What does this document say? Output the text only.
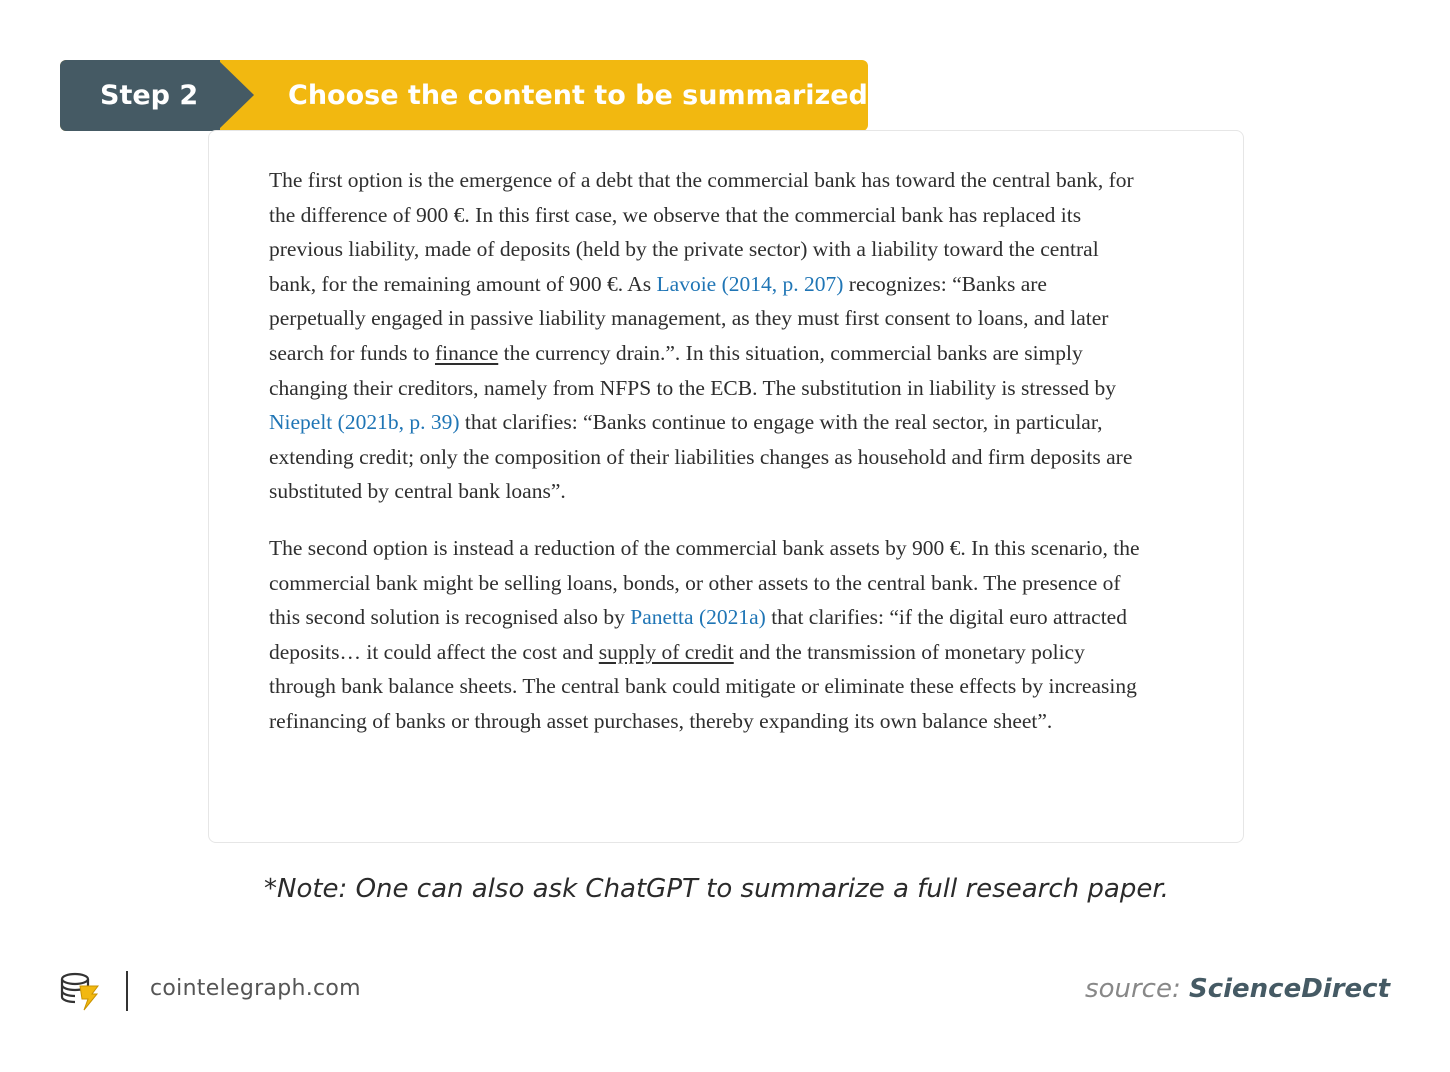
Step 2	Choose the content to be summarized

The first option is the emergence of a debt that the commercial bank has toward the central bank, for the difference of 900 €. In this first case, we observe that the commercial bank has replaced its previous liability, made of deposits (held by the private sector) with a liability toward the central bank, for the remaining amount of 900 €. As Lavoie (2014, p. 207) recognizes: “Banks are perpetually engaged in passive liability management, as they must first consent to loans, and later search for funds to finance the currency drain.”. In this situation, commercial banks are simply changing their creditors, namely from NFPS to the ECB. The substitution in liability is stressed by Niepelt (2021b, p. 39) that clarifies: “Banks continue to engage with the real sector, in particular, extending credit; only the composition of their liabilities changes as household and firm deposits are substituted by central bank loans”.

The second option is instead a reduction of the commercial bank assets by 900 €. In this scenario, the commercial bank might be selling loans, bonds, or other assets to the central bank. The presence of this second solution is recognised also by Panetta (2021a) that clarifies: “if the digital euro attracted deposits… it could affect the cost and supply of credit and the transmission of monetary policy through bank balance sheets. The central bank could mitigate or eliminate these effects by increasing refinancing of banks or through asset purchases, thereby expanding its own balance sheet”.

*Note: One can also ask ChatGPT to summarize a full research paper.
cointelegraph.com	source: ScienceDirect
